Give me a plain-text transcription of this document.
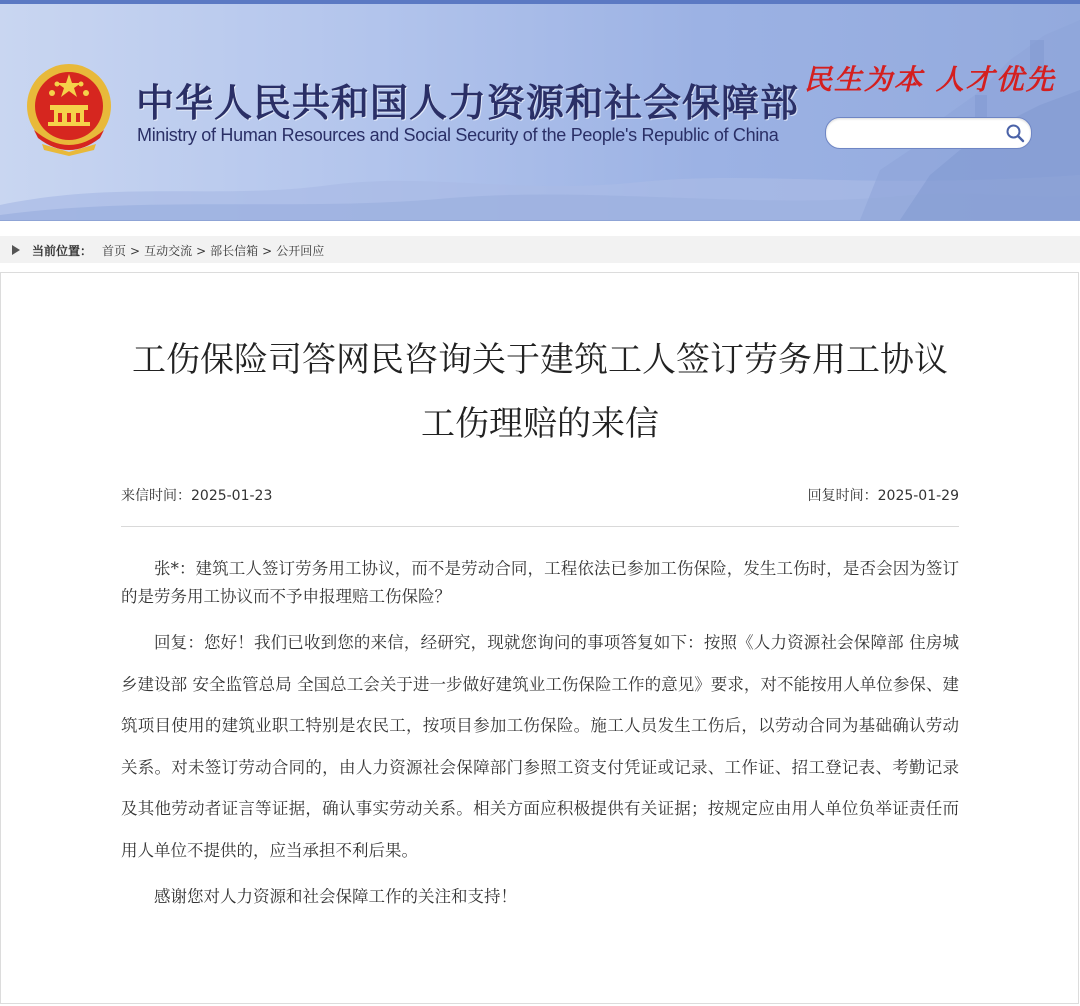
中华人民共和国人力资源和社会保障部
Ministry of Human Resources and Social Security of the People's Republic of China
民生为本 人才优先
当前位置： 首页 > 互动交流 > 部长信箱 > 公开回应
工伤保险司答网民咨询关于建筑工人签订劳务用工协议工伤理赔的来信
来信时间：2025-01-23	回复时间：2025-01-29

张*：建筑工人签订劳务用工协议，而不是劳动合同，工程依法已参加工伤保险，发生工伤时，是否会因为签订的是劳务用工协议而不予申报理赔工伤保险？

回复：您好！我们已收到您的来信，经研究，现就您询问的事项答复如下：按照《人力资源社会保障部 住房城乡建设部 安全监管总局 全国总工会关于进一步做好建筑业工伤保险工作的意见》要求，对不能按用人单位参保、建筑项目使用的建筑业职工特别是农民工，按项目参加工伤保险。施工人员发生工伤后，以劳动合同为基础确认劳动关系。对未签订劳动合同的，由人力资源社会保障部门参照工资支付凭证或记录、工作证、招工登记表、考勤记录及其他劳动者证言等证据，确认事实劳动关系。相关方面应积极提供有关证据；按规定应由用人单位负举证责任而用人单位不提供的，应当承担不利后果。

感谢您对人力资源和社会保障工作的关注和支持！
